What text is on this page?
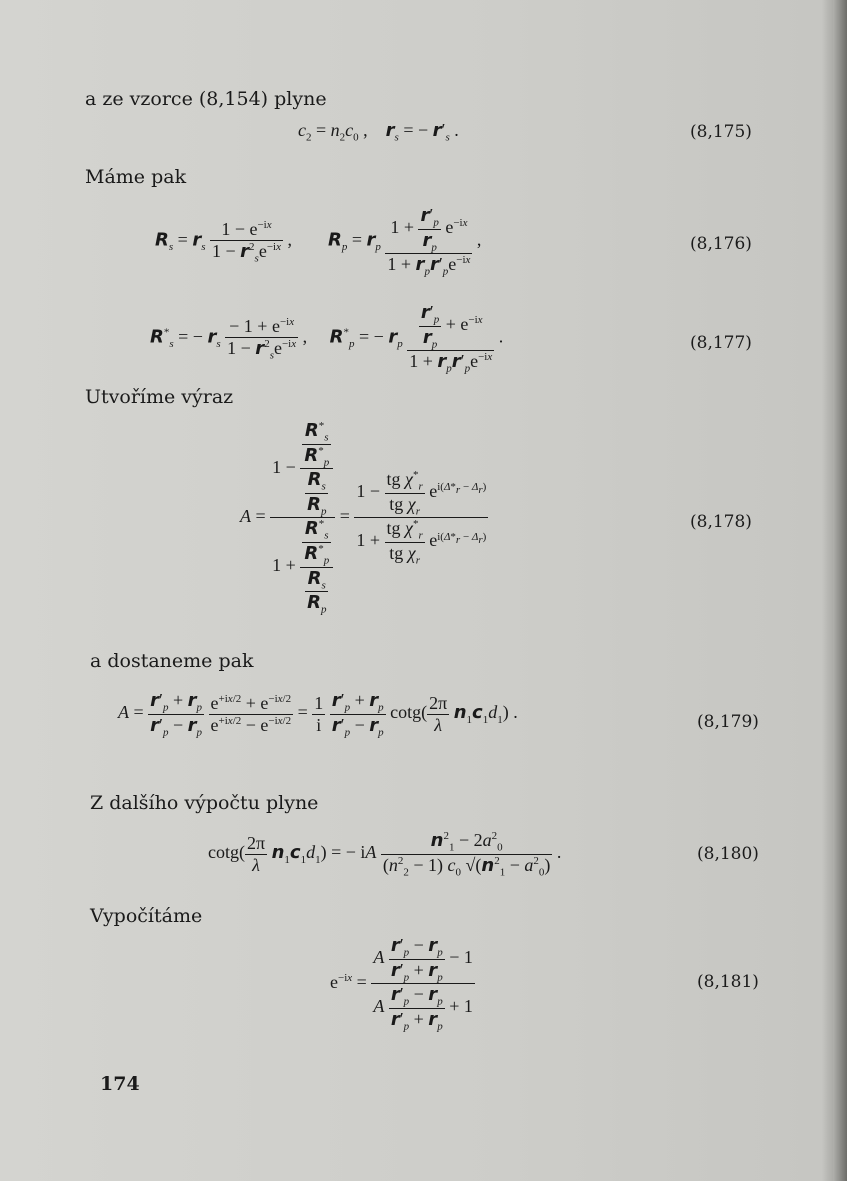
a ze vzorce (8,154) plyne
Máme pak
Utvoříme výraz
a dostaneme pak
Z dalšího výpočtu plyne
Vypočítáme
(8,175)
(8,176)
(8,177)
(8,178)
(8,179)
(8,180)
(8,181)
$c_2 = n_2c_0$ ,    $r_s$ = − $r'_s$ .
$R_s = r_s \frac{1 - e^{-ix}}{1 - r^2_se^{-ix}}$ ,        $R_p = r_p \frac{1 + \frac{r'_p}{r_p} e^{-ix}}{1 + r_pr'_pe^{-ix}}$ ,
$R^*_s$ = − $r_s \frac{- 1 + e^{-ix}}{1 - r^2_se^{-ix}}$ ,     $R^*_p$ = − $r_p \frac{\frac{r'_p}{r_p} + e^{-ix}}{1 + r_pr'_pe^{-ix}}$ .
$A = \frac{1 - \frac{\frac{R^*_s}{R^*_p}}{\frac{R_s}{R_p}}}{1 + \frac{\frac{R^*_s}{R^*_p}}{\frac{R_s}{R_p}}} = \frac{1 - \frac{tg \chi^*_r}{tg \chi_r} e^{i(\Delta*_r - \Delta_r)}}{1 + \frac{tg \chi^*_r}{tg \chi_r} e^{i(\Delta*_r - \Delta_r)}}$
$A = \frac{r'_p + r_p}{r'_p - r_p}$
$\frac{e^{+ix/2} + e^{-ix/2}}{e^{+ix/2} - e^{-ix/2}} = \frac{1}{i}$
$\frac{r'_p + r_p}{r'_p - r_p} \cot g( \frac{2\pi}{\lambda} n_1c_1d_1)$ .
$\cot g( \frac{2\pi}{\lambda} n_1c_1d_1)$ = − iA $\frac{n^2_1 - 2a^2_0}{(n^2_2 - 1) c_0 √(n^2_1 - a^2_0)}$ .
$e^{-ix} = \frac{A \frac{r'_p - r_p}{r'_p + r_p} - 1}{A \frac{r'_p - r_p}{r'_p + r_p} + 1}$
174
